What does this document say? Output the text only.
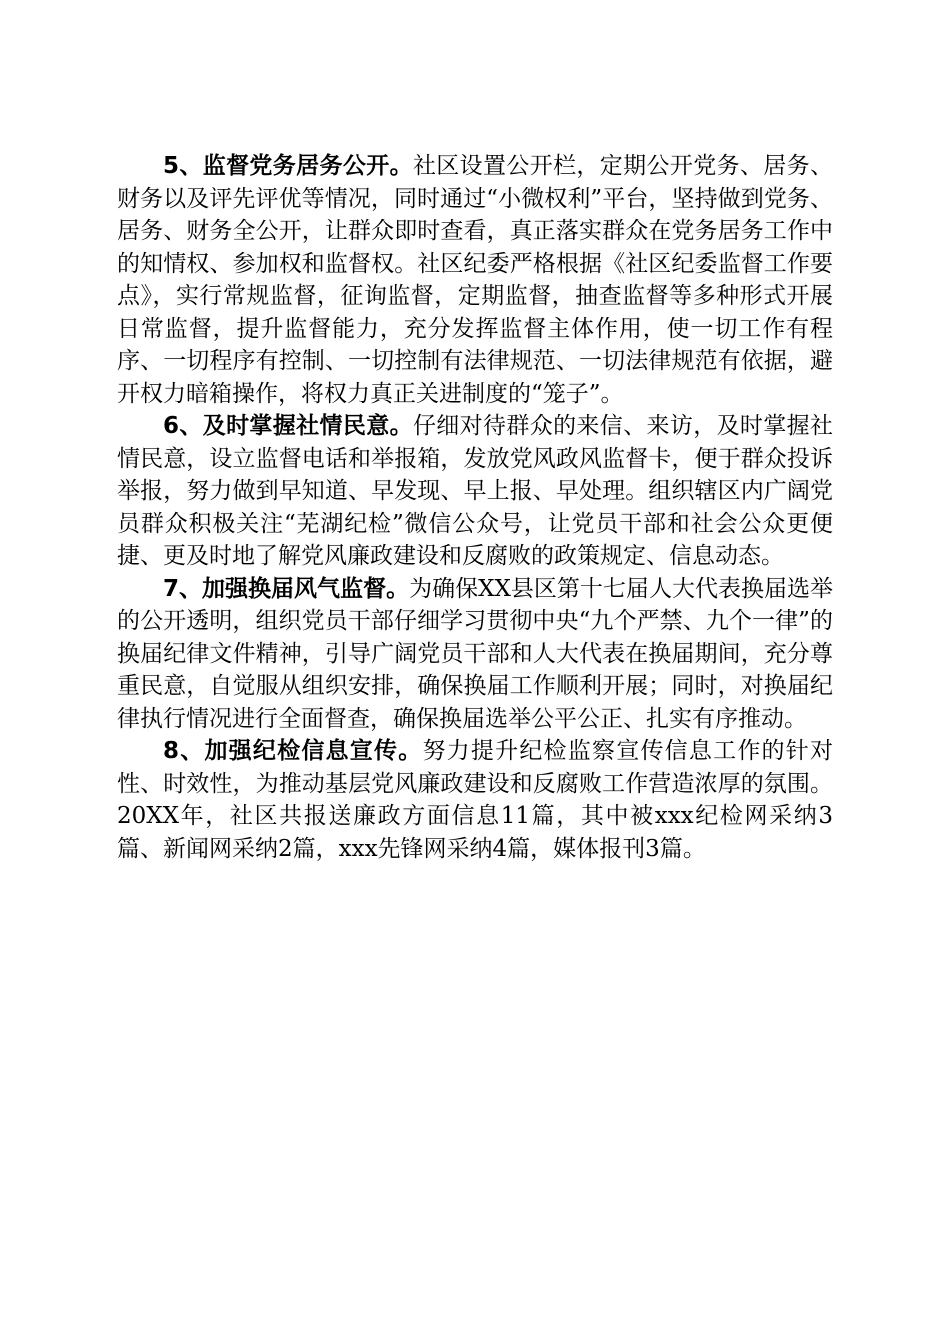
5、监督党务居务公开。社区设置公开栏，定期公开党务、居务、财务以及评先评优等情况，同时通过“小微权利”平台，坚持做到党务、居务、财务全公开，让群众即时查看，真正落实群众在党务居务工作中的知情权、参加权和监督权。社区纪委严格根据《社区纪委监督工作要点》，实行常规监督，征询监督，定期监督，抽查监督等多种形式开展日常监督，提升监督能力，充分发挥监督主体作用，使一切工作有程序、一切程序有控制、一切控制有法律规范、一切法律规范有依据，避开权力暗箱操作，将权力真正关进制度的“笼子”。

6、及时掌握社情民意。仔细对待群众的来信、来访，及时掌握社情民意，设立监督电话和举报箱，发放党风政风监督卡，便于群众投诉举报，努力做到早知道、早发现、早上报、早处理。组织辖区内广阔党员群众积极关注“芜湖纪检”微信公众号，让党员干部和社会公众更便捷、更及时地了解党风廉政建设和反腐败的政策规定、信息动态。

7、加强换届风气监督。为确保XX县区第十七届人大代表换届选举的公开透明，组织党员干部仔细学习贯彻中央“九个严禁、九个一律”的换届纪律文件精神，引导广阔党员干部和人大代表在换届期间，充分尊重民意，自觉服从组织安排，确保换届工作顺利开展；同时，对换届纪律执行情况进行全面督查，确保换届选举公平公正、扎实有序推动。

8、加强纪检信息宣传。努力提升纪检监察宣传信息工作的针对性、时效性，为推动基层党风廉政建设和反腐败工作营造浓厚的氛围。20XX年，社区共报送廉政方面信息11篇，其中被xxx纪检网采纳3篇、新闻网采纳2篇，xxx先锋网采纳4篇，媒体报刊3篇。
